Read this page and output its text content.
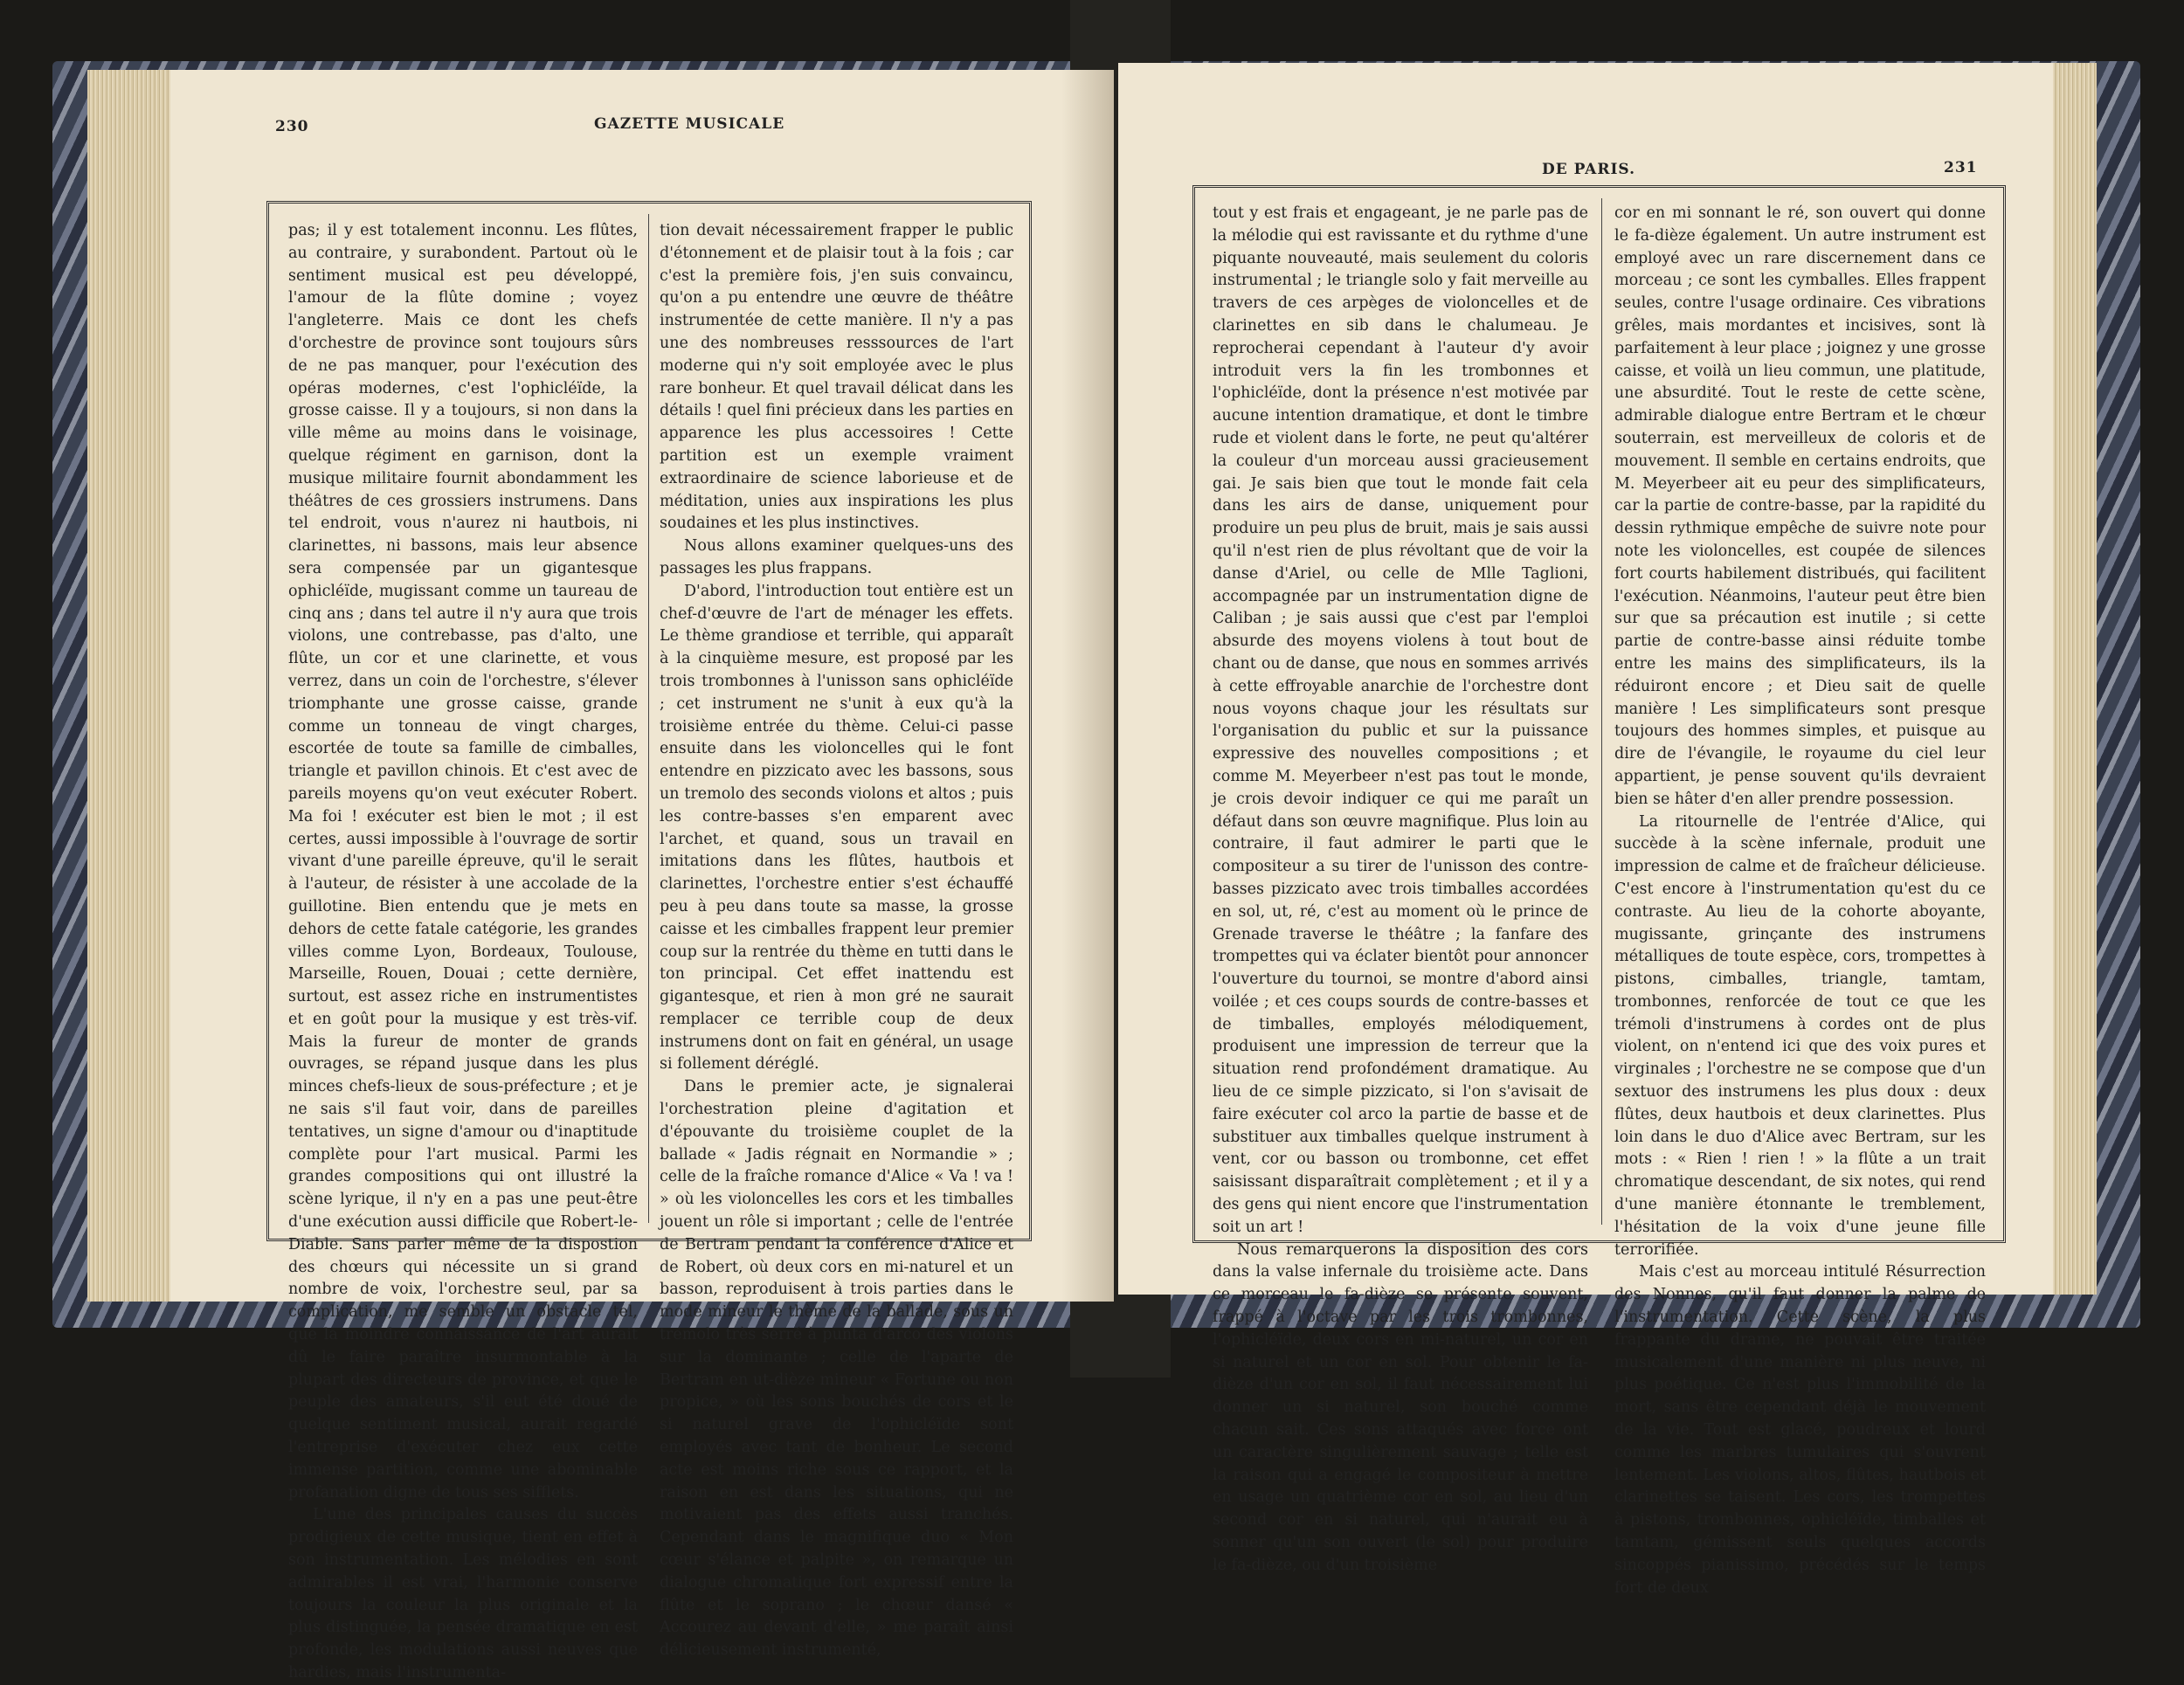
230	GAZETTE MUSICALE

pas; il y est totalement inconnu. Les flûtes, au contraire, y surabondent. Partout où le sentiment musical est peu développé, l'amour de la flûte domine ; voyez l'angleterre. Mais ce dont les chefs d'orchestre de province sont toujours sûrs de ne pas manquer, pour l'exécution des opéras modernes, c'est l'ophicléïde, la grosse caisse. Il y a toujours, si non dans la ville même au moins dans le voisinage, quelque régiment en garnison, dont la musique militaire fournit abondamment les théâtres de ces grossiers instrumens. Dans tel endroit, vous n'aurez ni hautbois, ni clarinettes, ni bassons, mais leur absence sera compensée par un gigantesque ophicléïde, mugissant comme un taureau de cinq ans ; dans tel autre il n'y aura que trois violons, une contrebasse, pas d'alto, une flûte, un cor et une clarinette, et vous verrez, dans un coin de l'orchestre, s'élever triomphante une grosse caisse, grande comme un tonneau de vingt charges, escortée de toute sa famille de cimballes, triangle et pavillon chinois. Et c'est avec de pareils moyens qu'on veut exécuter Robert. Ma foi ! exécuter est bien le mot ; il est certes, aussi impossible à l'ouvrage de sortir vivant d'une pareille épreuve, qu'il le serait à l'auteur, de résister à une accolade de la guillotine. Bien entendu que je mets en dehors de cette fatale catégorie, les grandes villes comme Lyon, Bordeaux, Toulouse, Marseille, Rouen, Douai ; cette dernière, surtout, est assez riche en instrumentistes et en goût pour la musique y est très-vif. Mais la fureur de monter de grands ouvrages, se répand jusque dans les plus minces chefs-lieux de sous-préfecture ; et je ne sais s'il faut voir, dans de pareilles tentatives, un signe d'amour ou d'inaptitude complète pour l'art musical. Parmi les grandes compositions qui ont illustré la scène lyrique, il n'y en a pas une peut-être d'une exécution aussi difficile que Robert-le-Diable. Sans parler même de la dispostion des chœurs qui nécessite un si grand nombre de voix, l'orchestre seul, par sa complication, me semble un obstacle tel, que la moindre connaissance de l'art aurait dû le faire paraître insurmontable à la plupart des directeurs de province, et que le peuple des amateurs, s'il eut été doué de quelque sentiment musical, aurait regardé l'entreprise d'exécuter chez eux cette immense partition, comme une abominable profanation digne de tous ses sifflets.

L'une des principales causes du succès prodigieux de cette musique, tient en effet à son instrumentation. Les mélodies en sont admirables il est vrai, l'harmonie conserve toujours la couleur la plus originale et la plus distinguée, la pensée dramatique en est profonde, les modulations aussi neuves que hardies, mais l'instrumenta-

tion devait nécessairement frapper le public d'étonnement et de plaisir tout à la fois ; car c'est la première fois, j'en suis convaincu, qu'on a pu entendre une œuvre de théâtre instrumentée de cette manière. Il n'y a pas une des nombreuses resssources de l'art moderne qui n'y soit employée avec le plus rare bonheur. Et quel travail délicat dans les détails ! quel fini précieux dans les parties en apparence les plus accessoires ! Cette partition est un exemple vraiment extraordinaire de science laborieuse et de méditation, unies aux inspirations les plus soudaines et les plus instinctives.

Nous allons examiner quelques-uns des passages les plus frappans.

D'abord, l'introduction tout entière est un chef-d'œuvre de l'art de ménager les effets. Le thème grandiose et terrible, qui apparaît à la cinquième mesure, est proposé par les trois trombonnes à l'unisson sans ophicléïde ; cet instrument ne s'unit à eux qu'à la troisième entrée du thème. Celui-ci passe ensuite dans les violoncelles qui le font entendre en pizzicato avec les bassons, sous un tremolo des seconds violons et altos ; puis les contre-basses s'en emparent avec l'archet, et quand, sous un travail en imitations dans les flûtes, hautbois et clarinettes, l'orchestre entier s'est échauffé peu à peu dans toute sa masse, la grosse caisse et les cimballes frappent leur premier coup sur la rentrée du thème en tutti dans le ton principal. Cet effet inattendu est gigantesque, et rien à mon gré ne saurait remplacer ce terrible coup de deux instrumens dont on fait en général, un usage si follement déréglé.

Dans le premier acte, je signalerai l'orchestration pleine d'agitation et d'épouvante du troisième couplet de la ballade « Jadis régnait en Normandie » ; celle de la fraîche romance d'Alice « Va ! va ! » où les violoncelles les cors et les timballes jouent un rôle si important ; celle de l'entrée de Bertram pendant la conférence d'Alice et de Robert, où deux cors en mi-naturel et un basson, reproduisent à trois parties dans le mode mineur le thème de la ballade, sous un tremolo très serré à punta d'arco des violons sur la dominante ; celle de l'aparte de Bertram en ut-dièze mineur « Fortune ou non propice, » où les sons bouchés de cors et le si naturel grave de l'ophicléïde sont employés avec tant de bonheur. Le second acte est moins riche sous ce rapport, et la raison en est dans les situations, qui ne motivaient pas des effets aussi tranchés. Cependant dans le magnifique duo « Mon cœur s'élance et palpite », on remarque un dialogue chromatique fort expressif entre la flûte et le soprano ; le chœur dansé « Accourez au devant d'elle, » me paraît ainsi délicieusement instrumenté,

DE PARIS.	231

tout y est frais et engageant, je ne parle pas de la mélodie qui est ravissante et du rythme d'une piquante nouveauté, mais seulement du coloris instrumental ; le triangle solo y fait merveille au travers de ces arpèges de violoncelles et de clarinettes en sib dans le chalumeau. Je reprocherai cependant à l'auteur d'y avoir introduit vers la fin les trombonnes et l'ophicléïde, dont la présence n'est motivée par aucune intention dramatique, et dont le timbre rude et violent dans le forte, ne peut qu'altérer la couleur d'un morceau aussi gracieusement gai. Je sais bien que tout le monde fait cela dans les airs de danse, uniquement pour produire un peu plus de bruit, mais je sais aussi qu'il n'est rien de plus révoltant que de voir la danse d'Ariel, ou celle de Mlle Taglioni, accompagnée par un instrumentation digne de Caliban ; je sais aussi que c'est par l'emploi absurde des moyens violens à tout bout de chant ou de danse, que nous en sommes arrivés à cette effroyable anarchie de l'orchestre dont nous voyons chaque jour les résultats sur l'organisation du public et sur la puissance expressive des nouvelles compositions ; et comme M. Meyerbeer n'est pas tout le monde, je crois devoir indiquer ce qui me paraît un défaut dans son œuvre magnifique. Plus loin au contraire, il faut admirer le parti que le compositeur a su tirer de l'unisson des contre-basses pizzicato avec trois timballes accordées en sol, ut, ré, c'est au moment où le prince de Grenade traverse le théâtre ; la fanfare des trompettes qui va éclater bientôt pour annoncer l'ouverture du tournoi, se montre d'abord ainsi voilée ; et ces coups sourds de contre-basses et de timballes, employés mélodiquement, produisent une impression de terreur que la situation rend profondément dramatique. Au lieu de ce simple pizzicato, si l'on s'avisait de faire exécuter col arco la partie de basse et de substituer aux timballes quelque instrument à vent, cor ou basson ou trombonne, cet effet saisissant disparaîtrait complètement ; et il y a des gens qui nient encore que l'instrumentation soit un art !

Nous remarquerons la disposition des cors dans la valse infernale du troisième acte. Dans ce morceau le fa-dièze se présente souvent, frappé à l'octave par les trois trombonnes, l'ophicléïde, deux cors en mi-naturel, un cor en si naturel et un cor en sol. Pour obtenir le fa-dièze d'un cor en sol, il faut nécessairement lui donner un si naturel, son bouché comme chacun sait. Ces sons attaqués avec force ont un caractère singulièrement sauvage ; telle est la raison qui a engagé le compositeur à mettre en usage un quatrième cor en sol, au lieu d'un second cor en si naturel, qui n'aurait eu à sonner qu'un son ouvert (le sol) pour produire le fa-dièze, ou d'un troisième

cor en mi sonnant le ré, son ouvert qui donne le fa-dièze également. Un autre instrument est employé avec un rare discernement dans ce morceau ; ce sont les cymballes. Elles frappent seules, contre l'usage ordinaire. Ces vibrations grêles, mais mordantes et incisives, sont là parfaitement à leur place ; joignez y une grosse caisse, et voilà un lieu commun, une platitude, une absurdité. Tout le reste de cette scène, admirable dialogue entre Bertram et le chœur souterrain, est merveilleux de coloris et de mouvement. Il semble en certains endroits, que M. Meyerbeer ait eu peur des simplificateurs, car la partie de contre-basse, par la rapidité du dessin rythmique empêche de suivre note pour note les violoncelles, est coupée de silences fort courts habilement distribués, qui facilitent l'exécution. Néanmoins, l'auteur peut être bien sur que sa précaution est inutile ; si cette partie de contre-basse ainsi réduite tombe entre les mains des simplificateurs, ils la réduiront encore ; et Dieu sait de quelle manière ! Les simplificateurs sont presque toujours des hommes simples, et puisque au dire de l'évangile, le royaume du ciel leur appartient, je pense souvent qu'ils devraient bien se hâter d'en aller prendre possession.

La ritournelle de l'entrée d'Alice, qui succède à la scène infernale, produit une impression de calme et de fraîcheur délicieuse. C'est encore à l'instrumentation qu'est du ce contraste. Au lieu de la cohorte aboyante, mugissante, grinçante des instrumens métalliques de toute espèce, cors, trompettes à pistons, cimballes, triangle, tamtam, trombonnes, renforcée de tout ce que les trémoli d'instrumens à cordes ont de plus violent, on n'entend ici que des voix pures et virginales ; l'orchestre ne se compose que d'un sextuor des instrumens les plus doux : deux flûtes, deux hautbois et deux clarinettes. Plus loin dans le duo d'Alice avec Bertram, sur les mots : « Rien ! rien ! » la flûte a un trait chromatique descendant, de six notes, qui rend d'une manière étonnante le tremblement, l'hésitation de la voix d'une jeune fille terrorifiée.

Mais c'est au morceau intitulé Résurrection des Nonnes, qu'il faut donner la palme de l'instrumentation. Cette scène, la plus frappante du drame, ne pouvait être traitée musicalement d'une manière ni plus neuve, ni plus poétique. Ce n'est plus l'immobilité de la mort, sans être cependant déjà le mouvement de la vie. Tout est glacé, poudreux et lourd comme les marbres tumulaires qui s'ouvrent lentement. Les violons, altos, flûtes, hautbois et clarinettes se taisent. Les cors, les trompettes à pistons, trombonnes, ophicléïde, timballes et tamtam, gémissent seuls quelques accords sincoppés pianissimo, précédés sur le temps fort de deux
